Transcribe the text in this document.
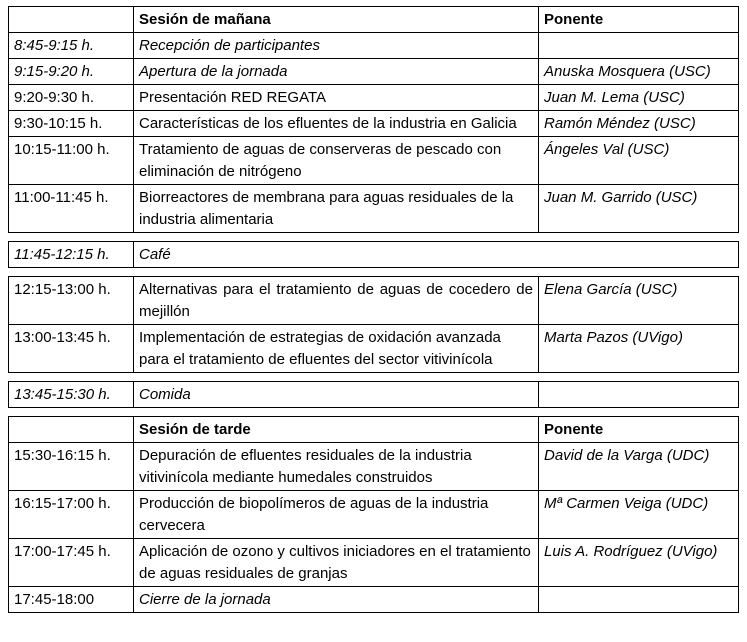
	Sesión de mañana	Ponente
8:45-9:15 h.	Recepción de participantes	
9:15-9:20 h.	Apertura de la jornada	Anuska Mosquera (USC)
9:20-9:30 h.	Presentación RED REGATA	Juan M. Lema (USC)
9:30-10:15 h.	Características de los efluentes de la industria en Galicia	Ramón Méndez (USC)
10:15-11:00 h.	Tratamiento de aguas de conserveras de pescado con eliminación de nitrógeno	Ángeles Val (USC)
11:00-11:45 h.	Biorreactores de membrana para aguas residuales de la industria alimentaria	Juan M. Garrido (USC)
11:45-12:15 h.	Café
12:15-13:00 h.	Alternativas para el tratamiento de aguas de cocedero de mejillón	Elena García (USC)
13:00-13:45 h.	Implementación de estrategias de oxidación avanzada para el tratamiento de efluentes del sector vitivinícola	Marta Pazos (UVigo)
13:45-15:30 h.	Comida	
	Sesión de tarde	Ponente
15:30-16:15 h.	Depuración de efluentes residuales de la industria vitivinícola mediante humedales construidos	David de la Varga (UDC)
16:15-17:00 h.	Producción de biopolímeros de aguas de la industria cervecera	Mª Carmen Veiga (UDC)
17:00-17:45 h.	Aplicación de ozono y cultivos iniciadores en el tratamiento de aguas residuales de granjas	Luis A. Rodríguez (UVigo)
17:45-18:00	Cierre de la jornada	
